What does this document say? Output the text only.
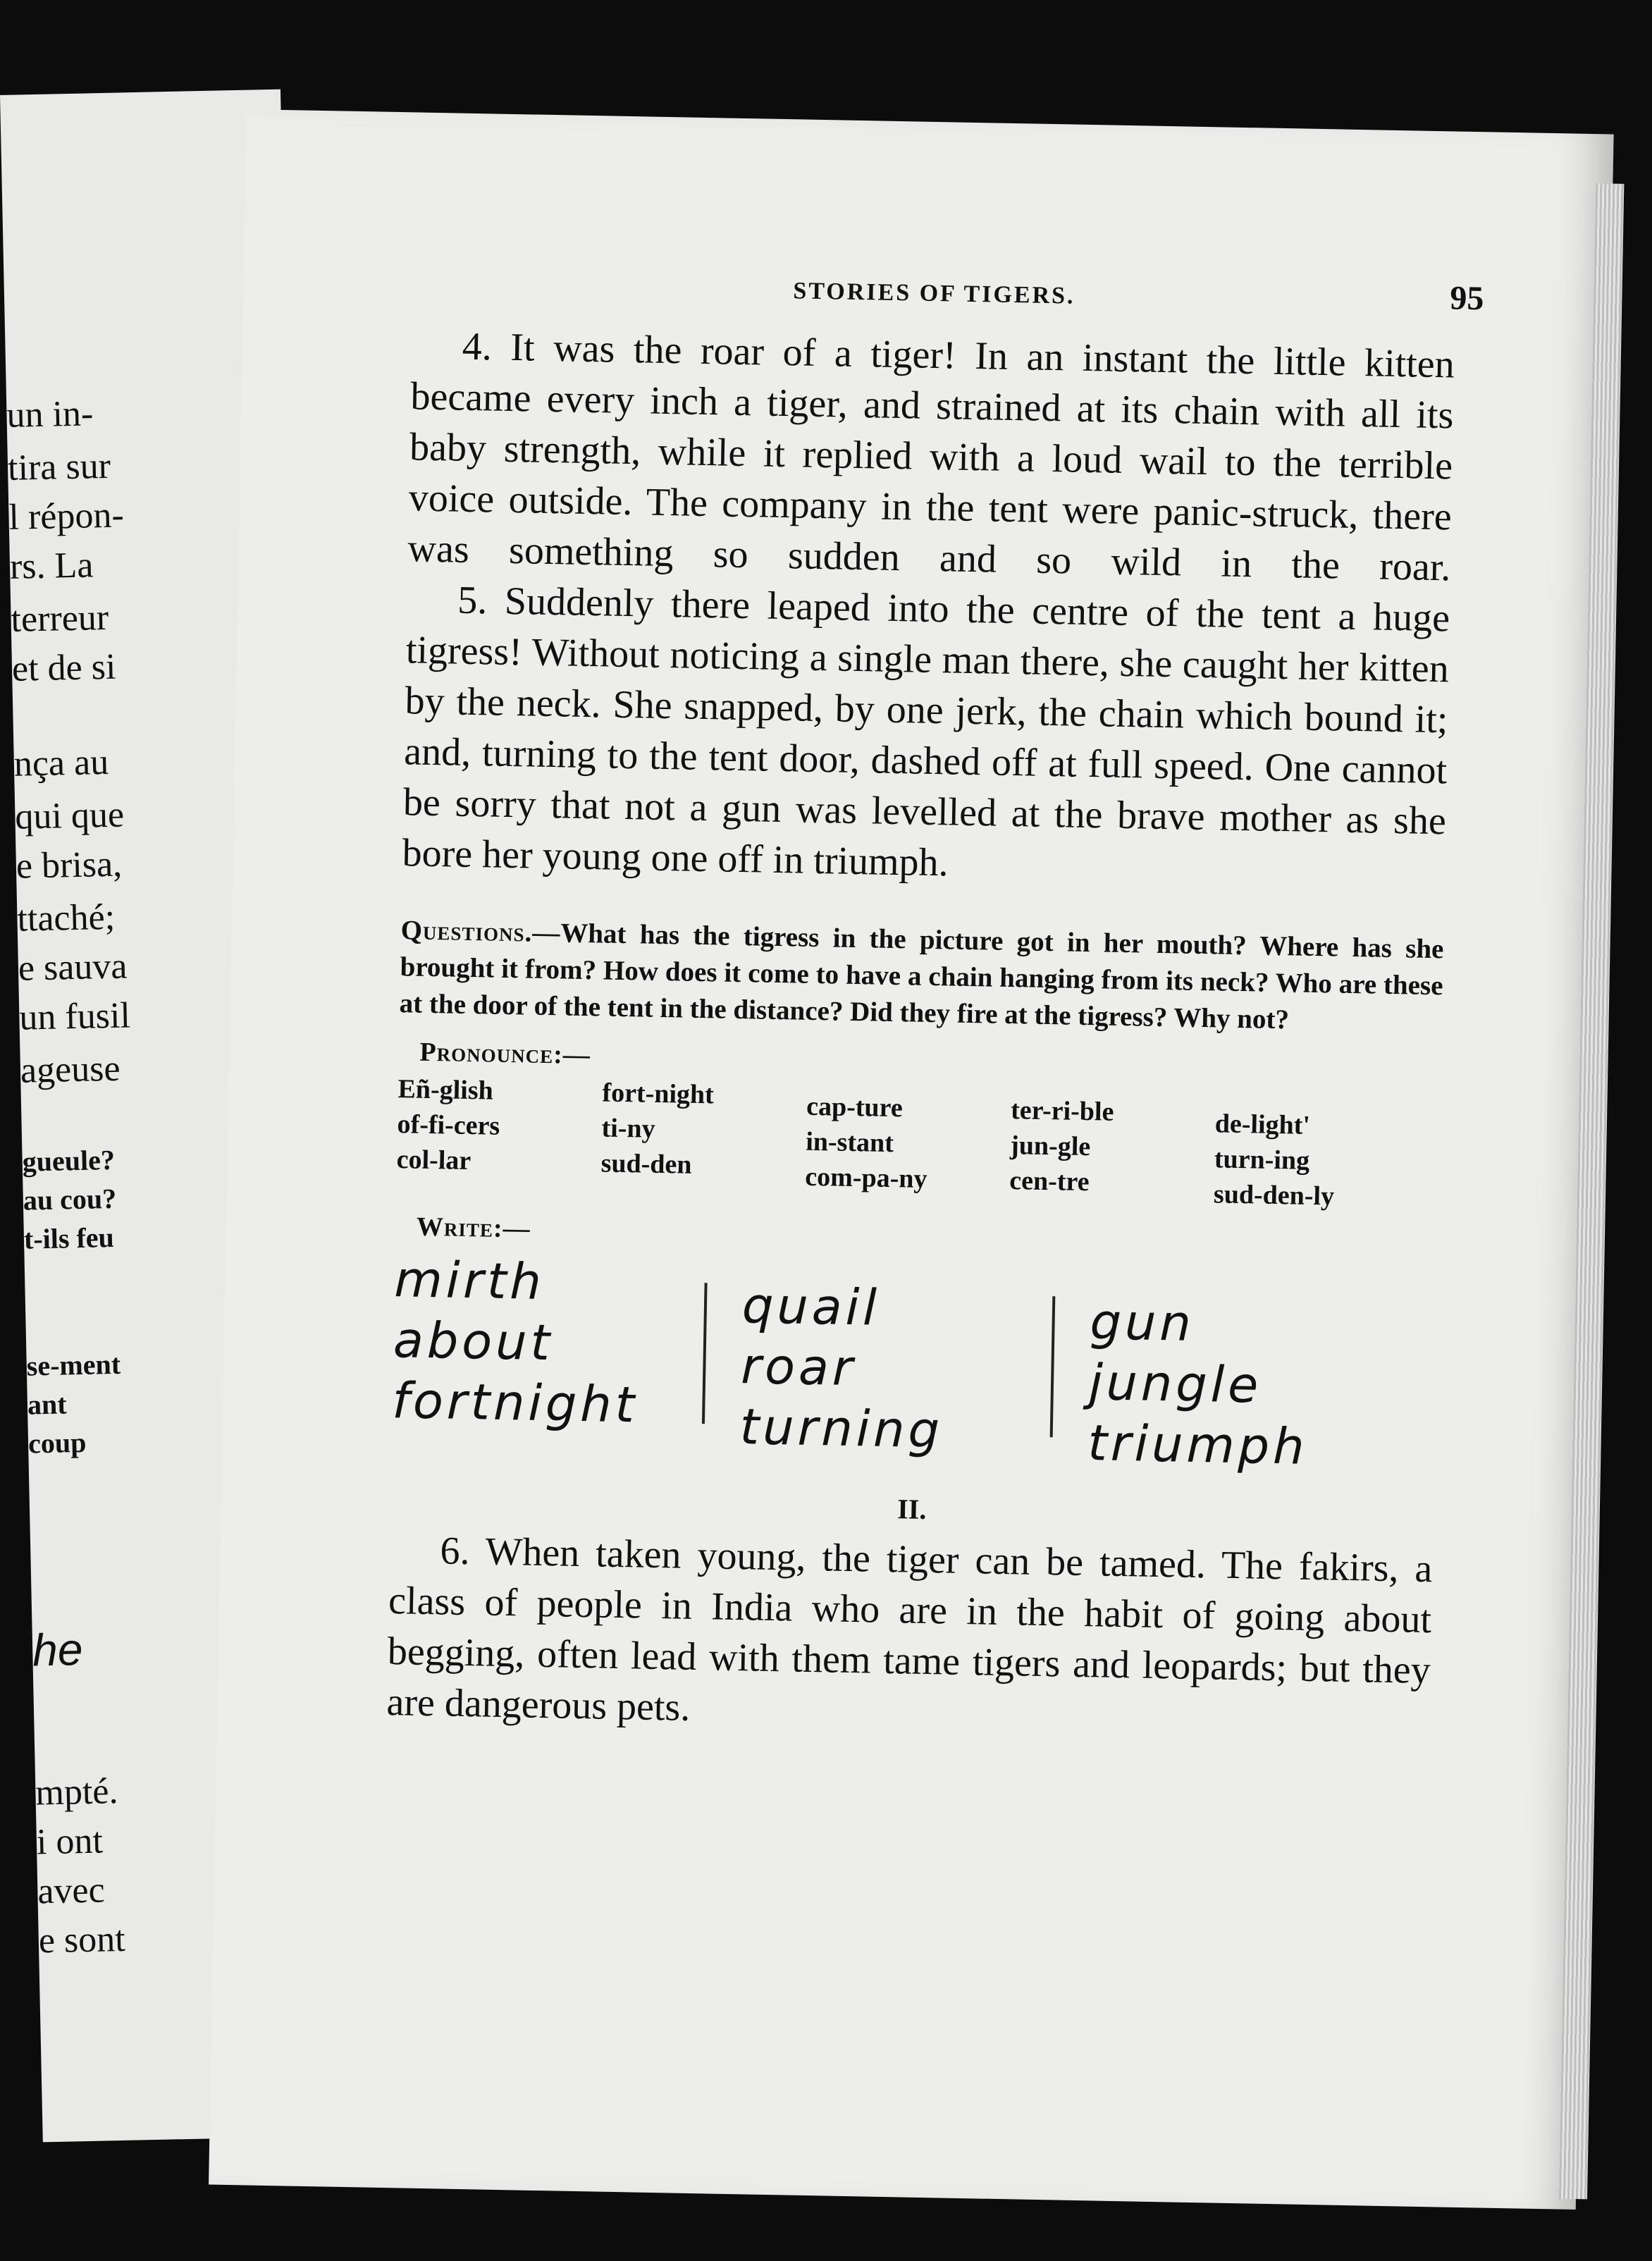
un in-
tira sur
l répon-
rs. La
terreur
et de si
nça au
qui que
e brisa,
ttaché;
e sauva
un fusil
ageuse
gueule?
au cou?
t-ils feu
se-ment
ant
coup
he
mpté.
i ont
avec
e sont
STORIES OF TIGERS.	95

4. It was the roar of a tiger! In an instant the little kitten became every inch a tiger, and strained at its chain with all its baby strength, while it replied with a loud wail to the terrible voice outside. The company in the tent were panic-struck, there was something so sudden and so wild in the roar.

5. Suddenly there leaped into the centre of the tent a huge tigress! Without noticing a single man there, she caught her kitten by the neck. She snapped, by one jerk, the chain which bound it; and, turning to the tent door, dashed off at full speed. One cannot be sorry that not a gun was levelled at the brave mother as she bore her young one off in triumph.

Questions.—What has the tigress in the picture got in her mouth? Where has she brought it from? How does it come to have a chain hanging from its neck? Who are these at the door of the tent in the distance? Did they fire at the tigress? Why not?
Pronounce:—
Eñ-glish
of-fi-cers
col-lar
fort-night
ti-ny
sud-den
cap-ture
in-stant
com-pa-ny
ter-ri-ble
jun-gle
cen-tre
de-light'
turn-ing
sud-den-ly
Write:—
mirth
about
fortnight
quail
roar
turning
gun
jungle
triumph
II.

6. When taken young, the tiger can be tamed. The fakirs, a class of people in India who are in the habit of going about begging, often lead with them tame tigers and leopards; but they are dangerous pets.
